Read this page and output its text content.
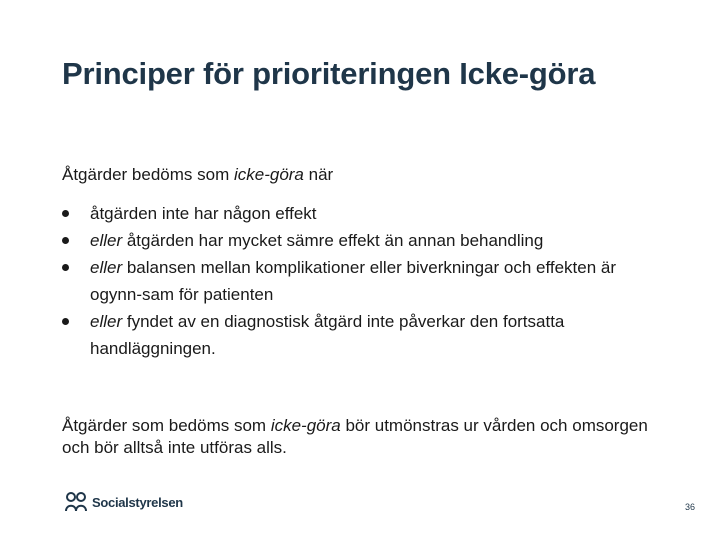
Principer för prioriteringen Icke-göra
Åtgärder bedöms som icke-göra när
åtgärden inte har någon effekt
eller åtgärden har mycket sämre effekt än annan behandling
eller balansen mellan komplikationer eller biverkningar och effekten är ogynn-sam för patienten
eller fyndet av en diagnostisk åtgärd inte påverkar den fortsatta handläggningen.
Åtgärder som bedöms som icke-göra bör utmönstras ur vården och omsorgen och bör alltså inte utföras alls.
Socialstyrelsen	36
